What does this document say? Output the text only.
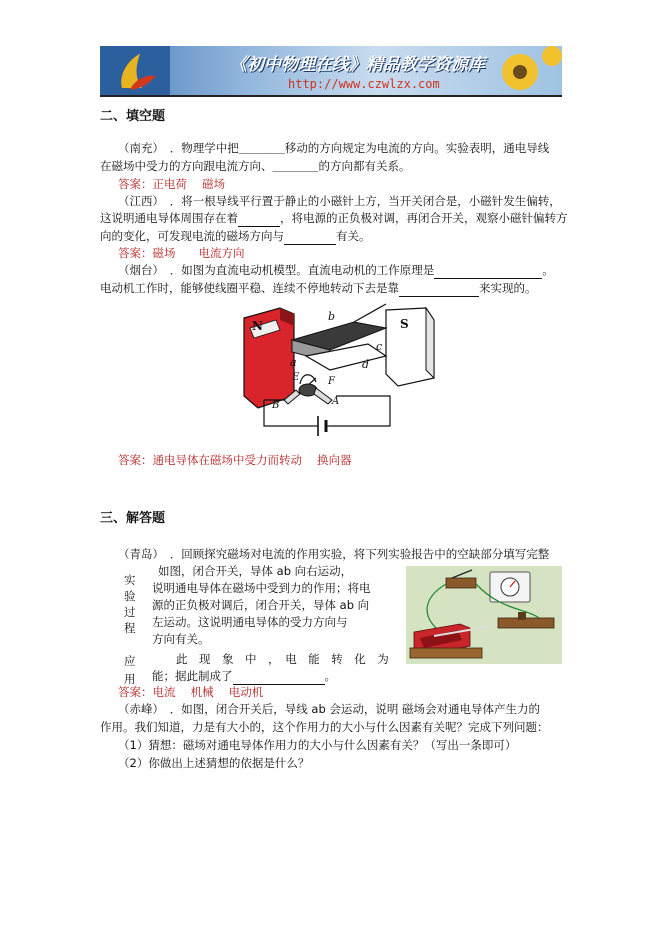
《初中物理在线》精品教学资源库
http://www.czwlzx.com
二、填空题
（南充）　．物理学中把＿＿＿＿移动的方向规定为电流的方向。实验表明，通电导线
在磁场中受力的方向跟电流方向、＿＿＿＿的方向都有关系。
答案：正电荷　 磁场
（江西）　．将一根导线平行置于静止的小磁针上方，当开关闭合是，小磁针发生偏转，
这说明通电导体周围存在着	，将电源的正负极对调，再闭合开关，观察小磁针偏转方
向的变化，可发现电流的磁场方向与	有关。
答案：磁场　　电流方向
（烟台）　．如图为直流电动机模型。直流电动机的工作原理是	。
电动机工作时，能够使线圈平稳、连续不停地转动下去是靠	来实现的。
N	S
a
b
c
d
E	F
A
B
答案：通电导体在磁场中受力而转动　 换向器
三、解答题
（青岛）　．回顾探究磁场对电流的作用实验，将下列实验报告中的空缺部分填写完整
实验过程
如图，闭合开关，导体 ab 向右运动，
说明通电导体在磁场中受到力的作用；将电
源的正负极对调后，闭合开关，导体 ab 向
左运动。这说明通电导体的受力方向与
方向有关。
应用
此　现　象　中　，　电　能　转　化　为
能；据此制成了	。
答案：电流　 机械　 电动机
（赤峰）　．如图，闭合开关后，导线 ab 会运动，说明 磁场会对通电导体产生力的
作用。我们知道，力是有大小的，这个作用力的大小与什么因素有关呢？完成下列问题：
（1）猜想：磁场对通电导体作用力的大小与什么因素有关？（写出一条即可）
（2）你做出上述猜想的依据是什么？
